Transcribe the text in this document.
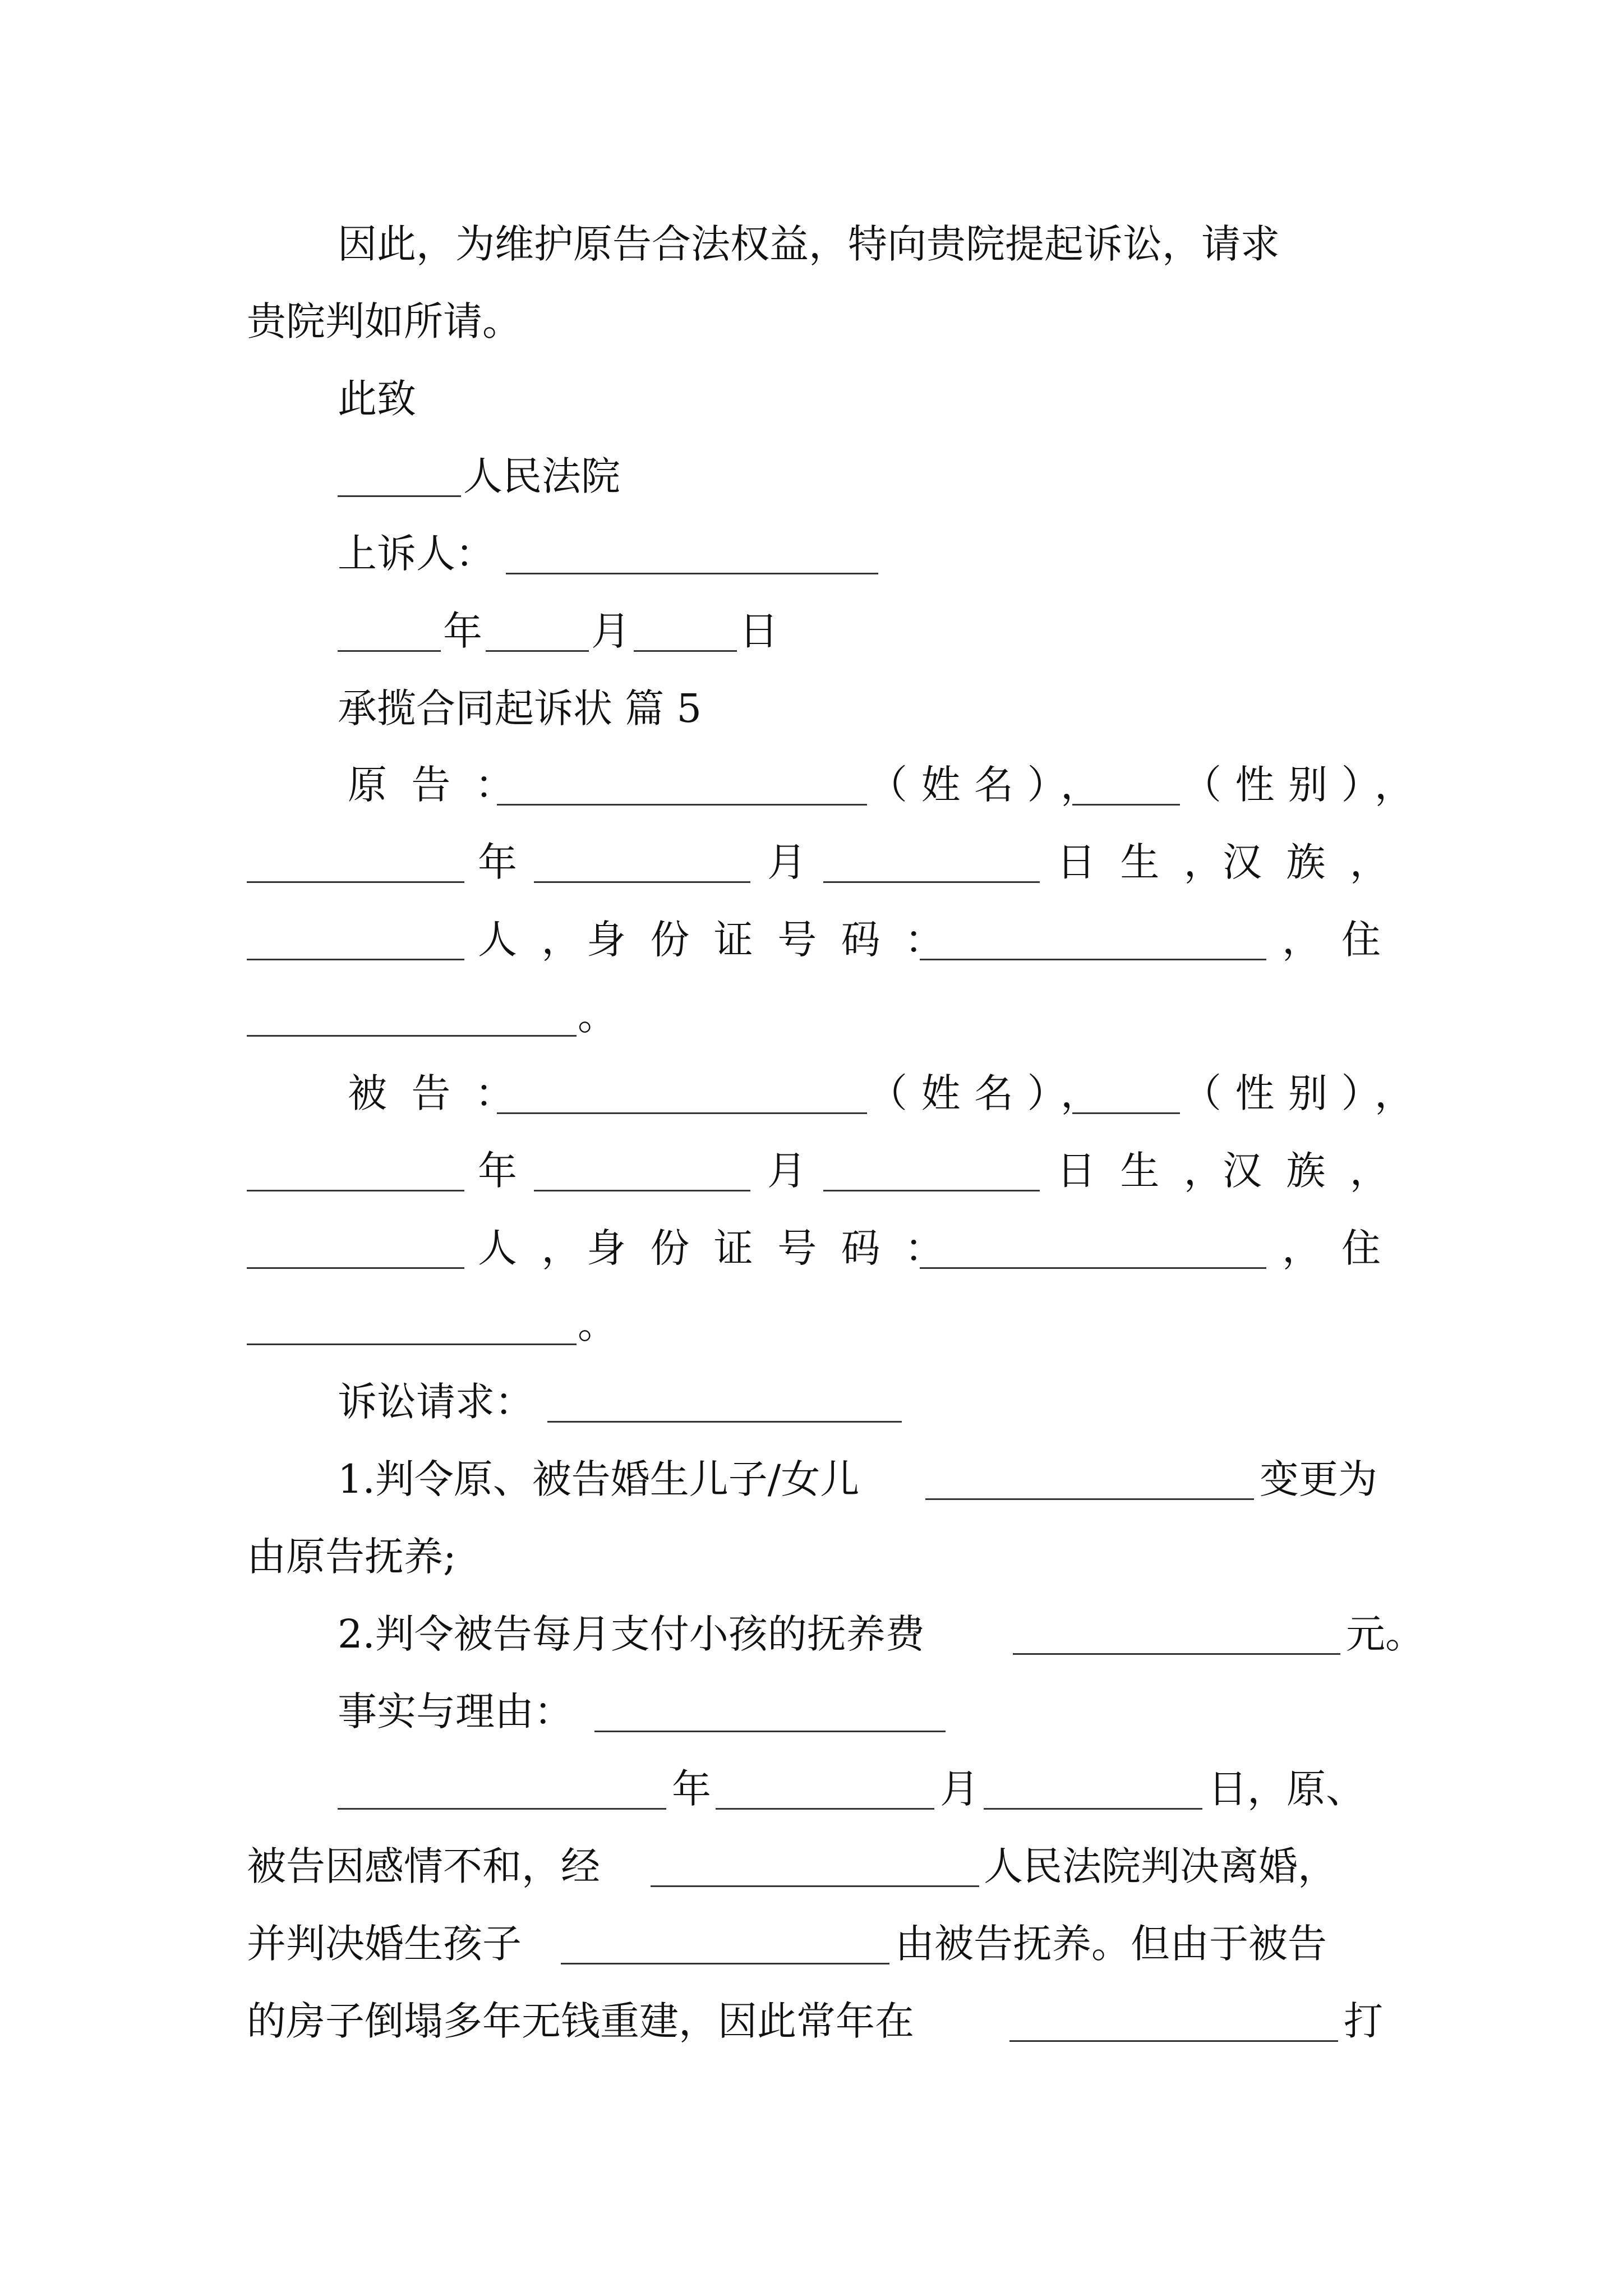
因此，为维护原告合法权益，特向贵院提起诉讼，请求
贵院判如所请。
此致
人民法院
上诉人：
年	月	日
承揽合同起诉状 篇 5
原告：	（姓名）， （性别），
年	月	日生，
汉族，
人，
身份证号码：	， 住
。
被告：	（姓名）， （性别），
年	月	日生，
汉族，
人，
身份证号码：	， 住
。
诉讼请求：
1.判令原、被告婚生儿子/女儿	变更为
由原告抚养;
2.判令被告每月支付小孩的抚养费	元。
事实与理由：
年	月	日，原、
被告因感情不和，经	人民法院判决离婚，
并判决婚生孩子	由被告抚养。但由于被告
的房子倒塌多年无钱重建，因此常年在	打
